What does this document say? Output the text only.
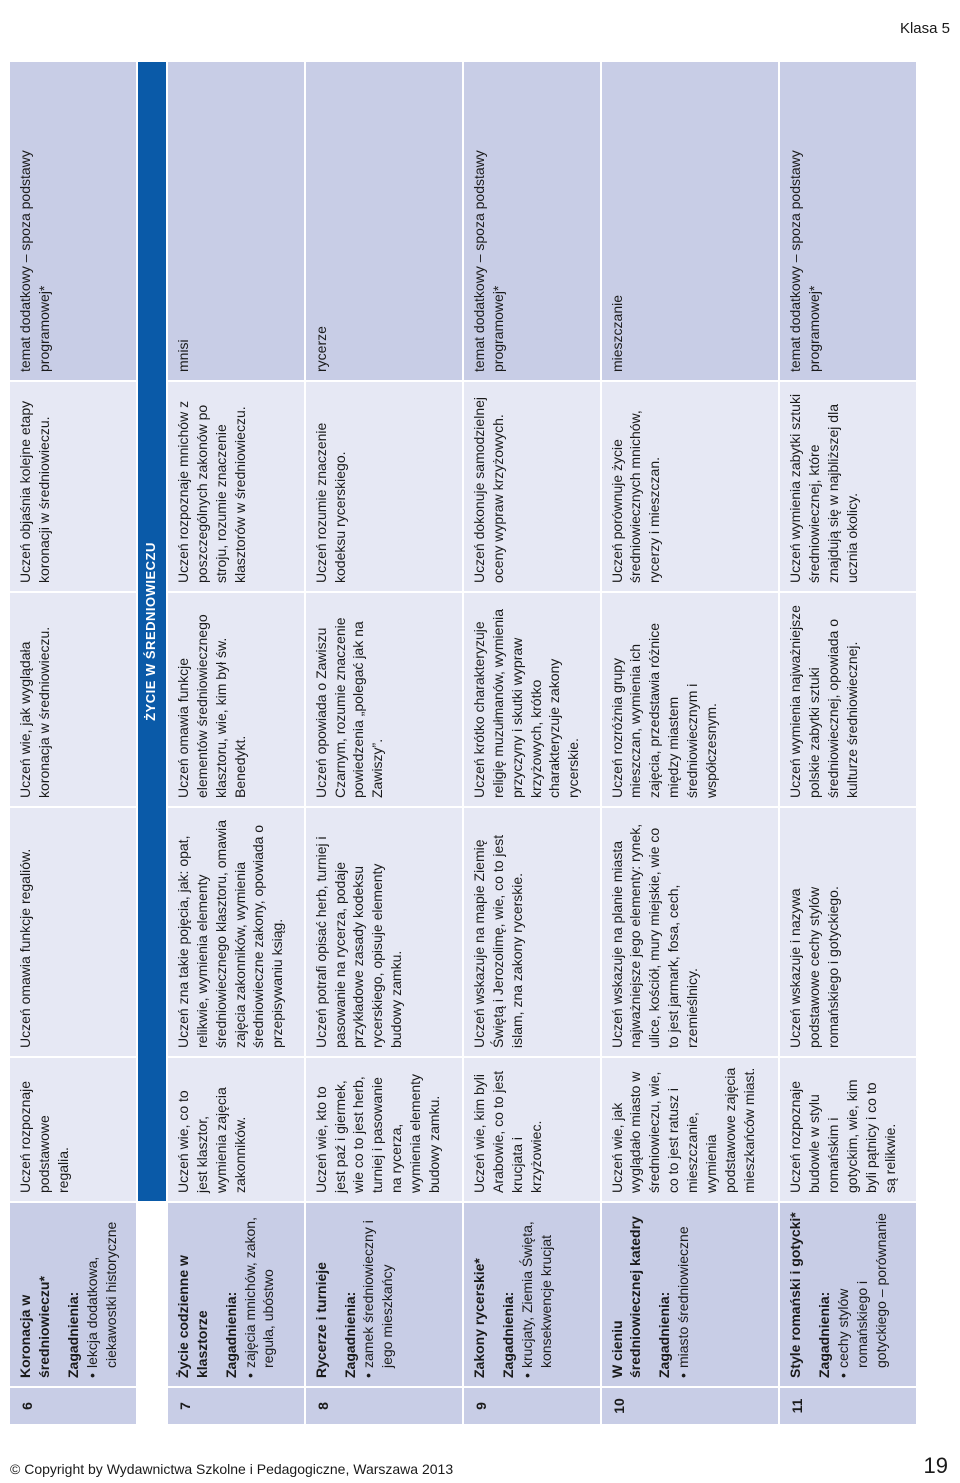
Klasa 5
6	Koronacja w średniowieczu* Zagadnienia: • lekcja dodatkowa, ciekawostki historyczne	Uczeń rozpoznaje podstawowe regalia.	Uczeń omawia funkcje regaliów.	Uczeń wie, jak wyglądała koronacja w średniowieczu.	Uczeń objaśnia kolejne etapy koronacji w średniowieczu.	temat dodatkowy – spoza podstawy programowej*
		ŻYCIE W ŚREDNIOWIECZU				
7	Życie codzienne w klasztorze Zagadnienia: • zajęcia mnichów, zakon, reguła, ubóstwo	Uczeń wie, co to jest klasztor, wymienia zajęcia zakonników.	Uczeń zna takie pojęcia, jak: opat, relikwie, wymienia elementy średniowiecznego klasztoru, omawia zajęcia zakonników, wymienia średniowieczne zakony, opowiada o przepisywaniu ksiąg.	Uczeń omawia funkcje elementów średniowiecznego klasztoru, wie, kim był św. Benedykt.	Uczeń rozpoznaje mnichów z poszczególnych zakonów po stroju, rozumie znaczenie klasztorów w średniowieczu.	mnisi
8	Rycerze i turnieje Zagadnienia: • zamek średniowieczny i jego mieszkańcy	Uczeń wie, kto to jest paź i giermek, wie co to jest herb, turniej i pasowanie na rycerza, wymienia elementy budowy zamku.	Uczeń potrafi opisać herb, turniej i pasowanie na rycerza, podaje przykładowe zasady kodeksu rycerskiego, opisuje elementy budowy zamku.	Uczeń opowiada o Zawiszu Czarnym, rozumie znaczenie powiedzenia „polegać jak na Zawiszy”.	Uczeń rozumie znaczenie kodeksu rycerskiego.	rycerze
9	Zakony rycerskie* Zagadnienia: • krucjaty, Ziemia Święta, konsekwencje krucjat	Uczeń wie, kim byli Arabowie, co to jest krucjata i krzyżowiec.	Uczeń wskazuje na mapie Ziemię Świętą i Jerozolimę, wie, co to jest islam, zna zakony rycerskie.	Uczeń krótko charakteryzuje religię muzułmanów, wymienia przyczyny i skutki wypraw krzyżowych, krótko charakteryzuje zakony rycerskie.	Uczeń dokonuje samodzielnej oceny wypraw krzyżowych.	temat dodatkowy – spoza podstawy programowej*
10	W cieniu średniowiecznej katedry Zagadnienia: • miasto średniowieczne	Uczeń wie, jak wyglądało miasto w średniowieczu, wie, co to jest ratusz i mieszczanie, wymienia podstawowe zajęcia mieszkańców miast.	Uczeń wskazuje na planie miasta najważniejsze jego elementy: rynek, ulice, kościół, mury miejskie, wie co to jest jarmark, fosa, cech, rzemieślnicy.	Uczeń rozróżnia grupy mieszczan, wymienia ich zajęcia, przedstawia różnice między miastem średniowiecznym i współczesnym.	Uczeń porównuje życie średniowiecznych mnichów, rycerzy i mieszczan.	mieszczanie
11	Style romański i gotycki* Zagadnienia: • cechy stylów romańskiego i gotyckiego – porównanie	Uczeń rozpoznaje budowle w stylu romańskim i gotyckim, wie, kim byli pątnicy i co to są relikwie.	Uczeń wskazuje i nazywa podstawowe cechy stylów romańskiego i gotyckiego.	Uczeń wymienia najważniejsze polskie zabytki sztuki średniowiecznej, opowiada o kulturze średniowiecznej.	Uczeń wymienia zabytki sztuki średniowiecznej, które znajdują się w najbliższej dla ucznia okolicy.	temat dodatkowy – spoza podstawy programowej*
© Copyright by Wydawnictwa Szkolne i Pedagogiczne, Warszawa 2013	19
